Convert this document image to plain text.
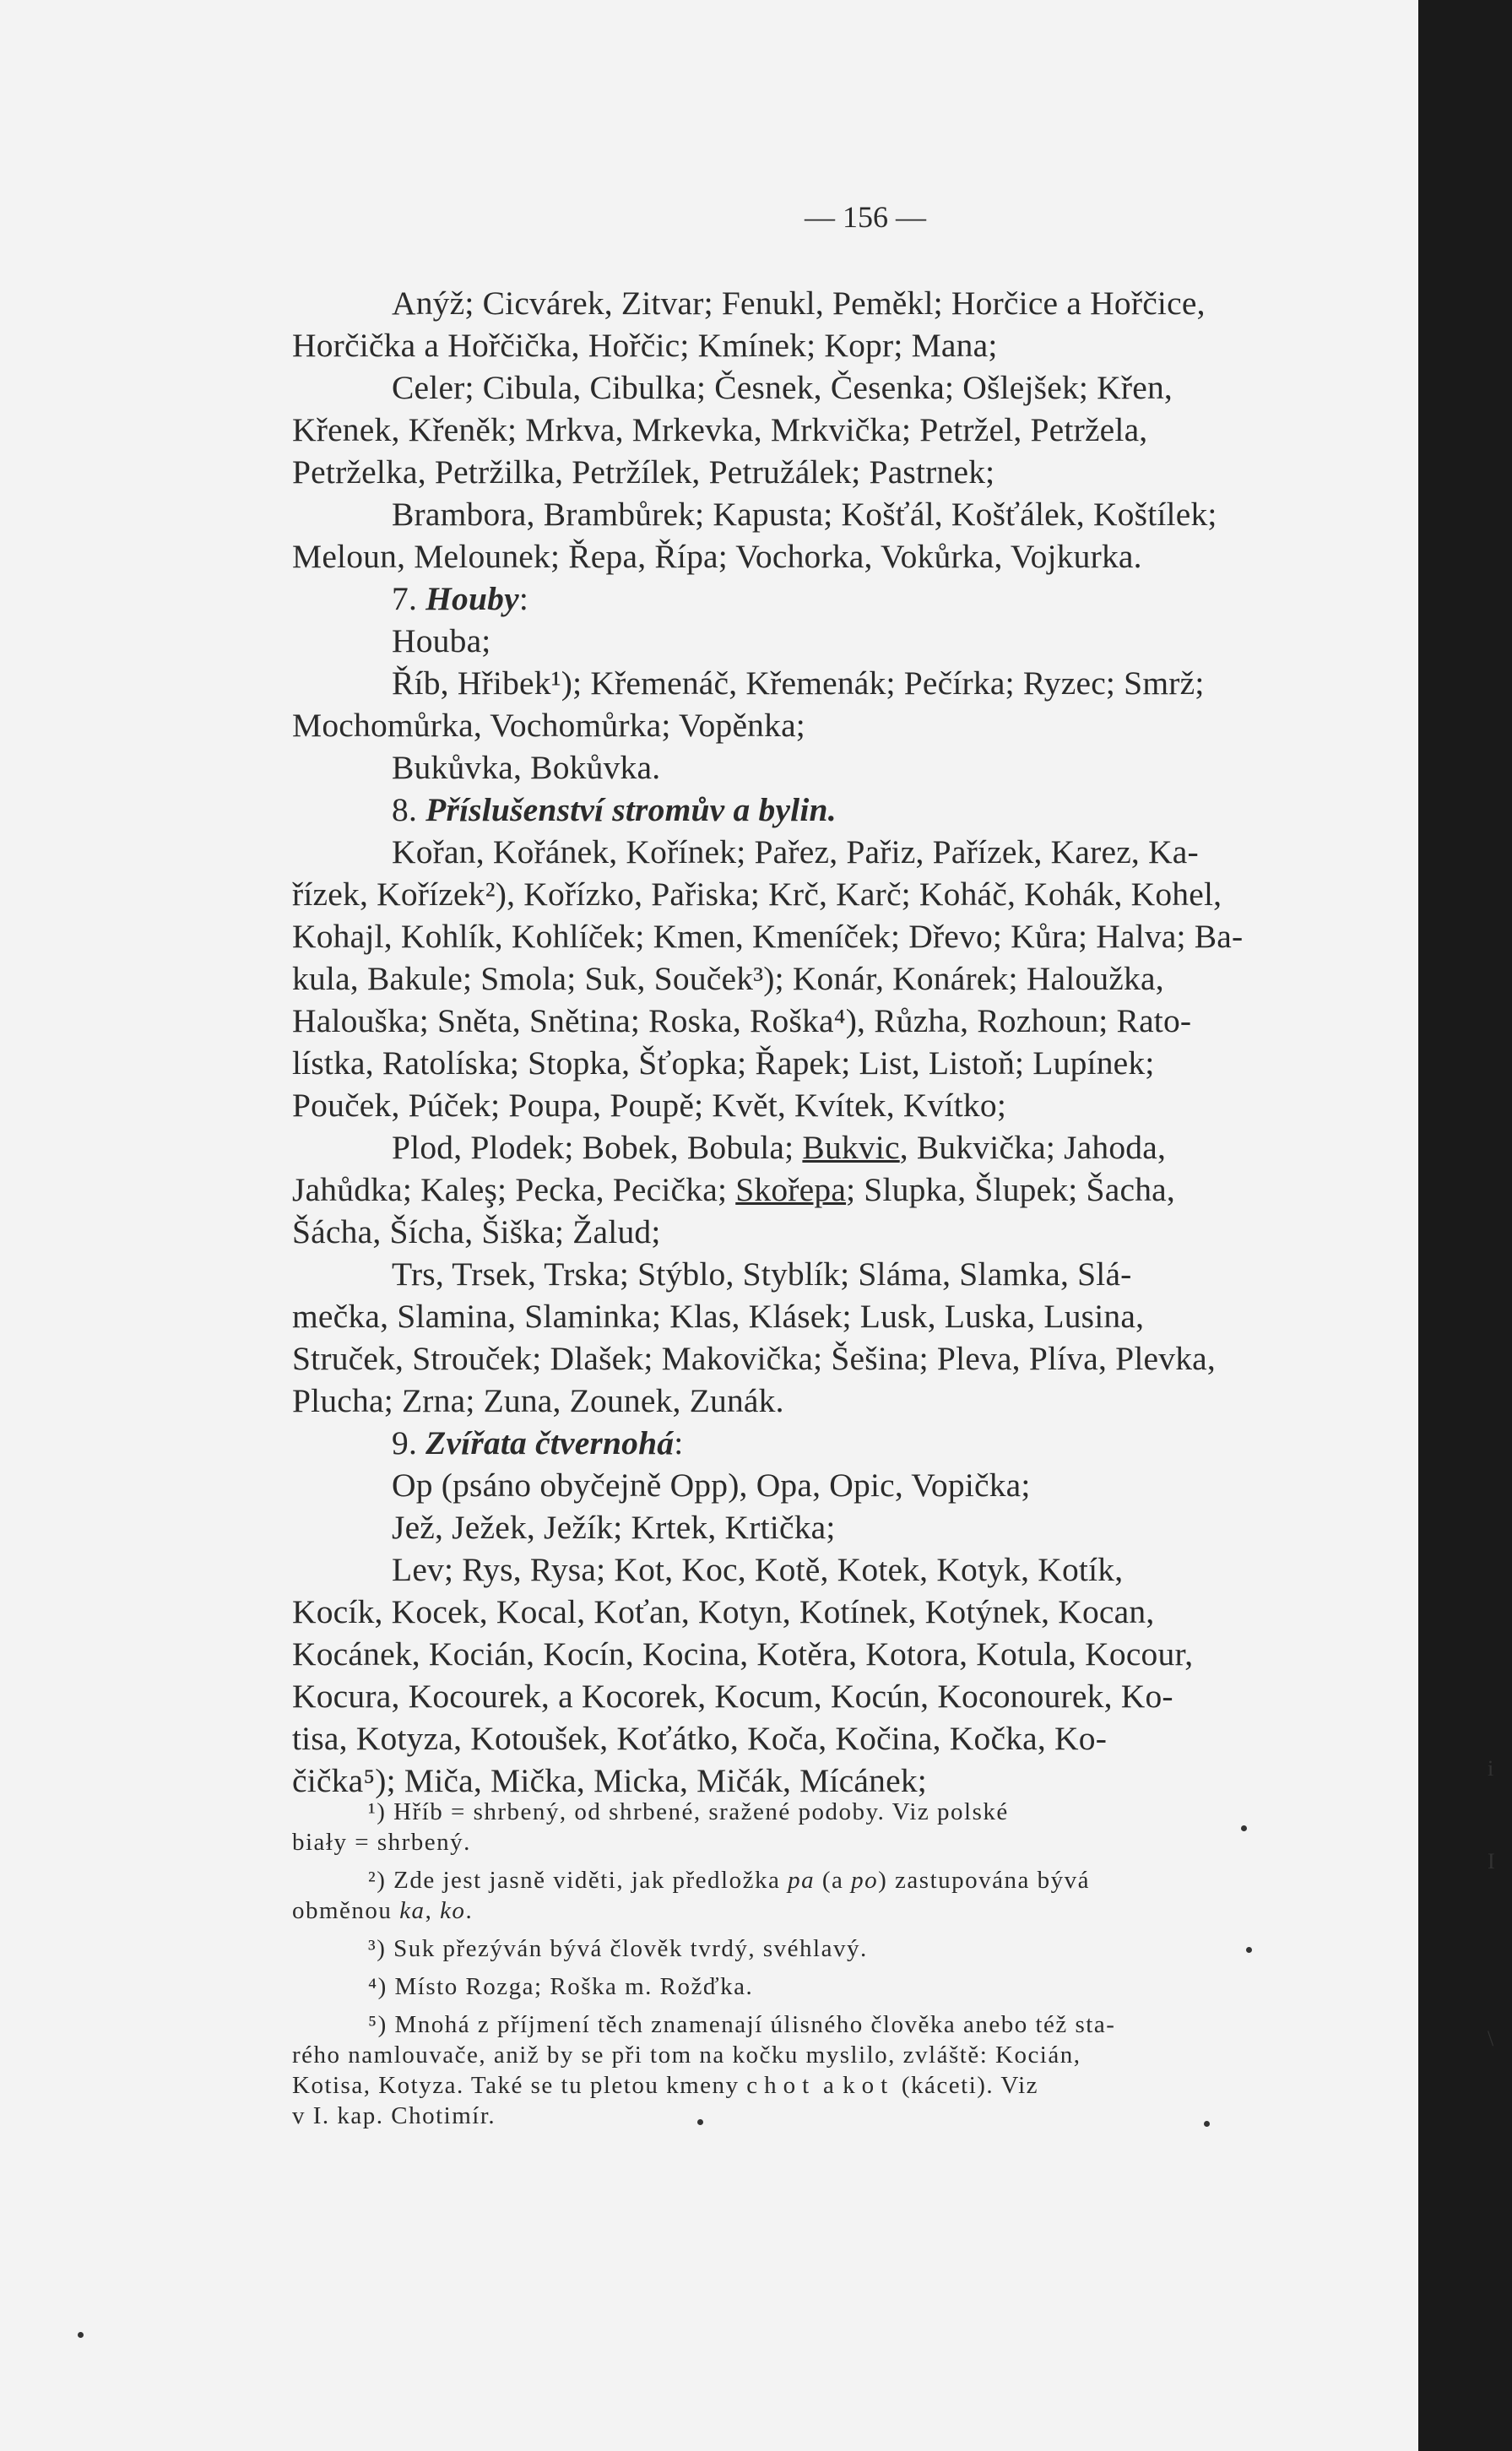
— 156 —
Anýž; Cicvárek, Zitvar; Fenukl, Peměkl; Horčice a Hořčice,
Horčička a Hořčička, Hořčic; Kmínek; Kopr; Mana;
Celer; Cibula, Cibulka; Česnek, Česenka; Ošlejšek; Křen,
Křenek, Křeněk; Mrkva, Mrkevka, Mrkvička; Petržel, Petržela,
Petrželka, Petržilka, Petržílek, Petružálek; Pastrnek;
Brambora, Brambůrek; Kapusta; Košťál, Košťálek, Koštílek;
Meloun, Melounek; Řepa, Řípa; Vochorka, Vokůrka, Vojkurka.
7. Houby:
Houba;
Říb, Hřibek¹); Křemenáč, Křemenák; Pečírka; Ryzec; Smrž;
Mochomůrka, Vochomůrka; Vopěnka;
Bukůvka, Bokůvka.
8. Příslušenství stromův a bylin.
Kořan, Kořánek, Kořínek; Pařez, Pařiz, Pařízek, Karez, Ka-
řízek, Kořízek²), Kořízko, Pařiska; Krč, Karč; Koháč, Kohák, Kohel,
Kohajl, Kohlík, Kohlíček; Kmen, Kmeníček; Dřevo; Kůra; Halva; Ba-
kula, Bakule; Smola; Suk, Souček³); Konár, Konárek; Haloužka,
Halouška; Sněta, Snětina; Roska, Roška⁴), Růzha, Rozhoun; Rato-
lístka, Ratolíska; Stopka, Šťopka; Řapek; List, Listoň; Lupínek;
Pouček, Púček; Poupa, Poupě; Květ, Kvítek, Kvítko;
Plod, Plodek; Bobek, Bobula; Bukvic, Bukvička; Jahoda,
Jahůdka; Kaleş; Pecka, Pecička; Skořepa; Slupka, Šlupek; Šacha,
Šácha, Šícha, Šiška; Žalud;
Trs, Trsek, Trska; Stýblo, Styblík; Sláma, Slamka, Slá-
mečka, Slamina, Slaminka; Klas, Klásek; Lusk, Luska, Lusina,
Struček, Strouček; Dlašek; Makovička; Šešina; Pleva, Plíva, Plevka,
Plucha; Zrna; Zuna, Zounek, Zunák.
9. Zvířata čtvernohá:
Op (psáno obyčejně Opp), Opa, Opic, Vopička;
Jež, Ježek, Ježík; Krtek, Krtička;
Lev; Rys, Rysa; Kot, Koc, Kotě, Kotek, Kotyk, Kotík,
Kocík, Kocek, Kocal, Koťan, Kotyn, Kotínek, Kotýnek, Kocan,
Kocánek, Kocián, Kocín, Kocina, Kotěra, Kotora, Kotula, Kocour,
Kocura, Kocourek, a Kocorek, Kocum, Kocún, Koconourek, Ko-
tisa, Kotyza, Kotoušek, Koťátko, Koča, Kočina, Kočka, Ko-
čička⁵); Miča, Mička, Micka, Mičák, Mícánek;
¹) Hříb = shrbený, od shrbené, sražené podoby. Viz polské
biały = shrbený.
²) Zde jest jasně viděti, jak předložka pa (a po) zastupována bývá
obměnou ka, ko.
³) Suk přezýván bývá člověk tvrdý, svéhlavý.
⁴) Místo Rozga; Roška m. Rožďka.
⁵) Mnohá z příjmení těch znamenají úlisného člověka anebo též sta-
rého namlouvače, aniž by se při tom na kočku myslilo, zvláště: Kocián,
Kotisa, Kotyza. Také se tu pletou kmeny chot a kot (káceti). Viz
v I. kap. Chotimír.
i
I
\
